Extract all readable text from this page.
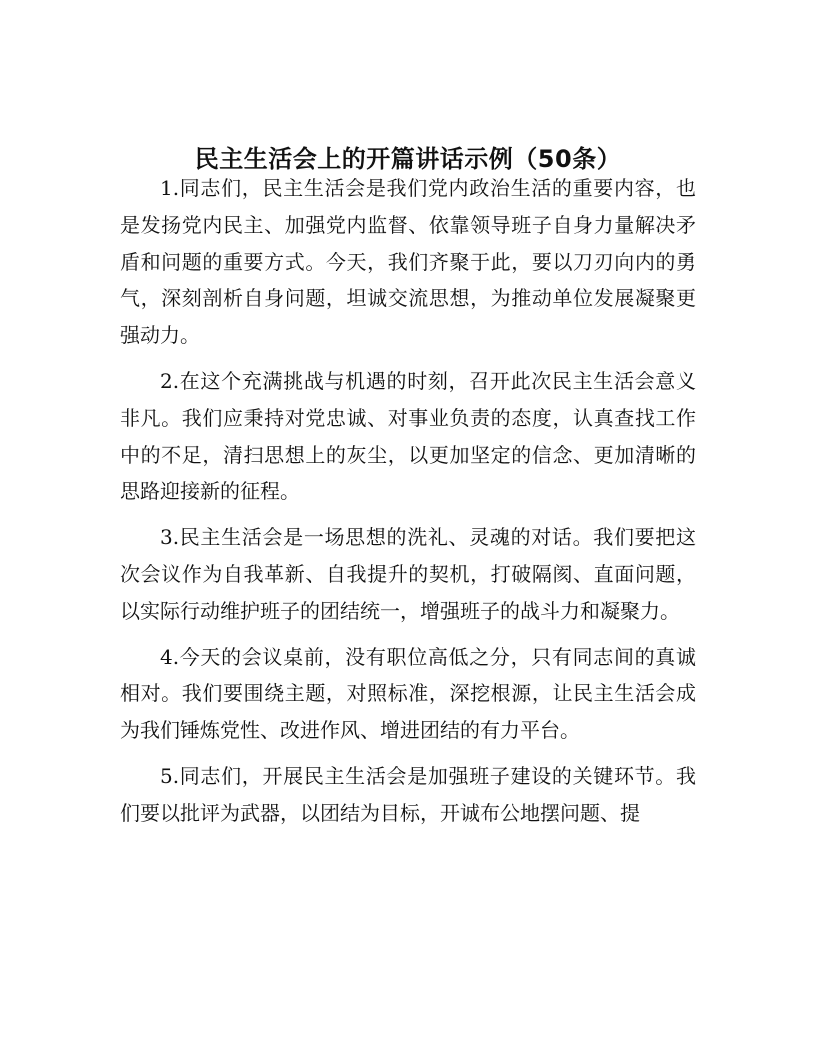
民主生活会上的开篇讲话示例（50条）

1.同志们，民主生活会是我们党内政治生活的重要内容，也是发扬党内民主、加强党内监督、依靠领导班子自身力量解决矛盾和问题的重要方式。今天，我们齐聚于此，要以刀刃向内的勇气，深刻剖析自身问题，坦诚交流思想，为推动单位发展凝聚更强动力。

2.在这个充满挑战与机遇的时刻，召开此次民主生活会意义非凡。我们应秉持对党忠诚、对事业负责的态度，认真查找工作中的不足，清扫思想上的灰尘，以更加坚定的信念、更加清晰的思路迎接新的征程。

3.民主生活会是一场思想的洗礼、灵魂的对话。我们要把这次会议作为自我革新、自我提升的契机，打破隔阂、直面问题，以实际行动维护班子的团结统一，增强班子的战斗力和凝聚力。

4.今天的会议桌前，没有职位高低之分，只有同志间的真诚相对。我们要围绕主题，对照标准，深挖根源，让民主生活会成为我们锤炼党性、改进作风、增进团结的有力平台。

5.同志们，开展民主生活会是加强班子建设的关键环节。我们要以批评为武器，以团结为目标，开诚布公地摆问题、提
